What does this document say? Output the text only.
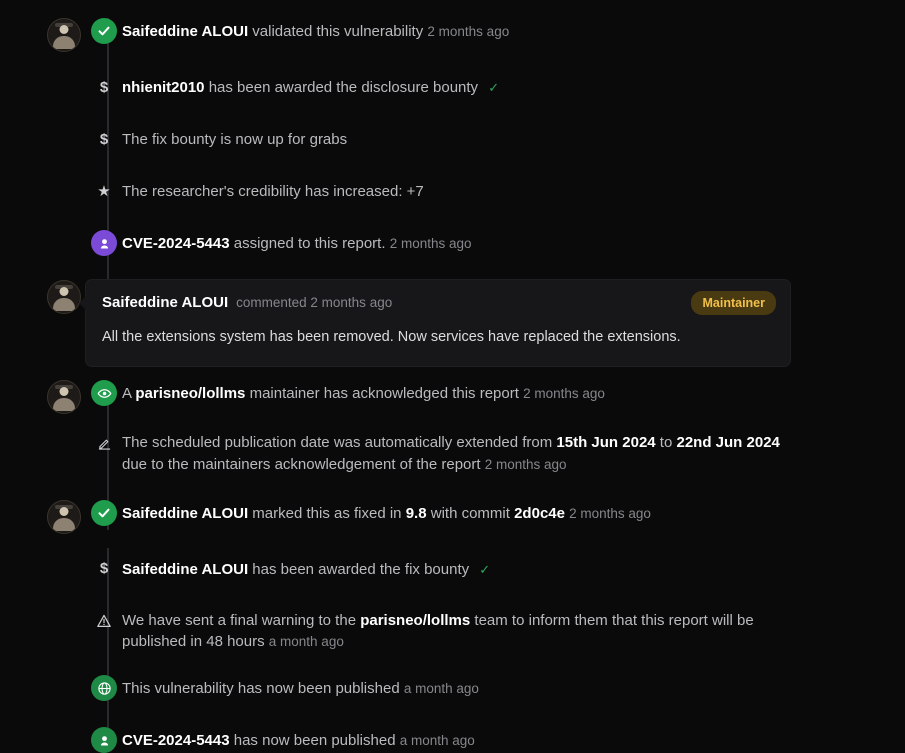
Saifeddine ALOUI validated this vulnerability 2 months ago
$ nhienit2010 has been awarded the disclosure bounty ✓
$ The fix bounty is now up for grabs
★ The researcher's credibility has increased: +7
CVE-2024-5443 assigned to this report. 2 months ago
Saifeddine ALOUI commented 2 months ago	Maintainer
All the extensions system has been removed. Now services have replaced the extensions.
A parisneo/lollms maintainer has acknowledged this report 2 months ago
The scheduled publication date was automatically extended from 15th Jun 2024 to 22nd Jun 2024 due to the maintainers acknowledgement of the report 2 months ago
Saifeddine ALOUI marked this as fixed in 9.8 with commit 2d0c4e 2 months ago
$ Saifeddine ALOUI has been awarded the fix bounty ✓
We have sent a final warning to the parisneo/lollms team to inform them that this report will be published in 48 hours a month ago
This vulnerability has now been published a month ago
CVE-2024-5443 has now been published a month ago
